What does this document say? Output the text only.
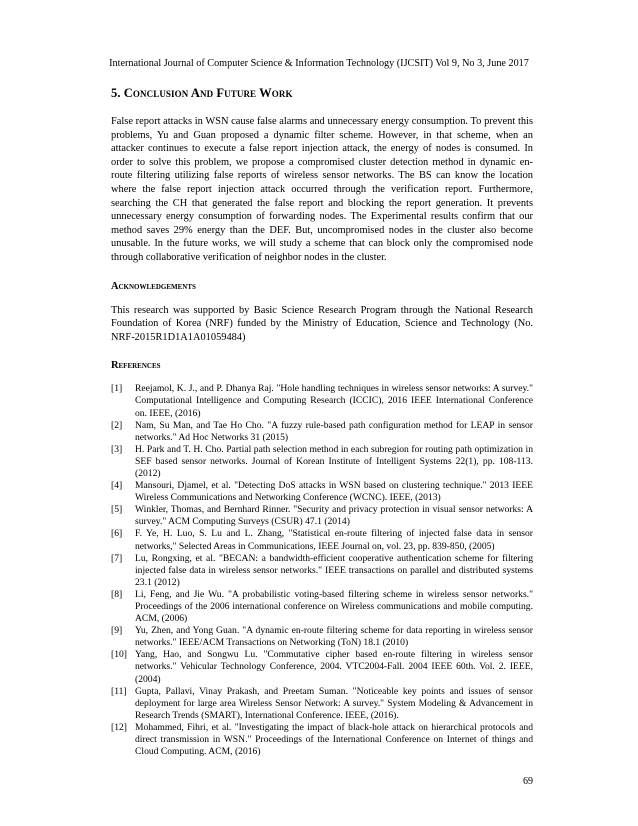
International Journal of Computer Science & Information Technology (IJCSIT) Vol 9, No 3, June 2017
5. Conclusion And Future Work

False report attacks in WSN cause false alarms and unnecessary energy consumption. To prevent this problems, Yu and Guan proposed a dynamic filter scheme. However, in that scheme, when an attacker continues to execute a false report injection attack, the energy of nodes is consumed. In order to solve this problem, we propose a compromised cluster detection method in dynamic en-route filtering utilizing false reports of wireless sensor networks. The BS can know the location where the false report injection attack occurred through the verification report. Furthermore, searching the CH that generated the false report and blocking the report generation. It prevents unnecessary energy consumption of forwarding nodes. The Experimental results confirm that our method saves 29% energy than the DEF. But, uncompromised nodes in the cluster also become unusable. In the future works, we will study a scheme that can block only the compromised node through collaborative verification of neighbor nodes in the cluster.

Acknowledgements

This research was supported by Basic Science Research Program through the National Research Foundation of Korea (NRF) funded by the Ministry of Education, Science and Technology (No. NRF-2015R1D1A1A01059484)

References
[1]	Reejamol, K. J., and P. Dhanya Raj. "Hole handling techniques in wireless sensor networks: A survey." Computational Intelligence and Computing Research (ICCIC), 2016 IEEE International Conference on. IEEE, (2016)
[2]	Nam, Su Man, and Tae Ho Cho. "A fuzzy rule-based path configuration method for LEAP in sensor networks." Ad Hoc Networks 31 (2015)
[3]	H. Park and T. H. Cho. Partial path selection method in each subregion for routing path optimization in SEF based sensor networks. Journal of Korean Institute of Intelligent Systems 22(1), pp. 108-113. (2012)
[4]	Mansouri, Djamel, et al. "Detecting DoS attacks in WSN based on clustering technique." 2013 IEEE Wireless Communications and Networking Conference (WCNC). IEEE, (2013)
[5]	Winkler, Thomas, and Bernhard Rinner. "Security and privacy protection in visual sensor networks: A survey." ACM Computing Surveys (CSUR) 47.1 (2014)
[6]	F. Ye, H. Luo, S. Lu and L. Zhang, "Statistical en-route filtering of injected false data in sensor networks," Selected Areas in Communications, IEEE Journal on, vol. 23, pp. 839-850, (2005)
[7]	Lu, Rongxing, et al. "BECAN: a bandwidth-efficient cooperative authentication scheme for filtering injected false data in wireless sensor networks." IEEE transactions on parallel and distributed systems 23.1 (2012)
[8]	Li, Feng, and Jie Wu. "A probabilistic voting-based filtering scheme in wireless sensor networks." Proceedings of the 2006 international conference on Wireless communications and mobile computing. ACM, (2006)
[9]	Yu, Zhen, and Yong Guan. "A dynamic en-route filtering scheme for data reporting in wireless sensor networks." IEEE/ACM Transactions on Networking (ToN) 18.1 (2010)
[10] Yang, Hao, and Songwu Lu. "Commutative cipher based en-route filtering in wireless sensor networks." Vehicular Technology Conference, 2004. VTC2004-Fall. 2004 IEEE 60th. Vol. 2. IEEE, (2004)
[11] Gupta, Pallavi, Vinay Prakash, and Preetam Suman. "Noticeable key points and issues of sensor deployment for large area Wireless Sensor Network: A survey." System Modeling & Advancement in Research Trends (SMART), International Conference. IEEE, (2016).
[12] Mohammed, Fihri, et al. "Investigating the impact of black-hole attack on hierarchical protocols and direct transmission in WSN." Proceedings of the International Conference on Internet of things and Cloud Computing. ACM, (2016)
69
